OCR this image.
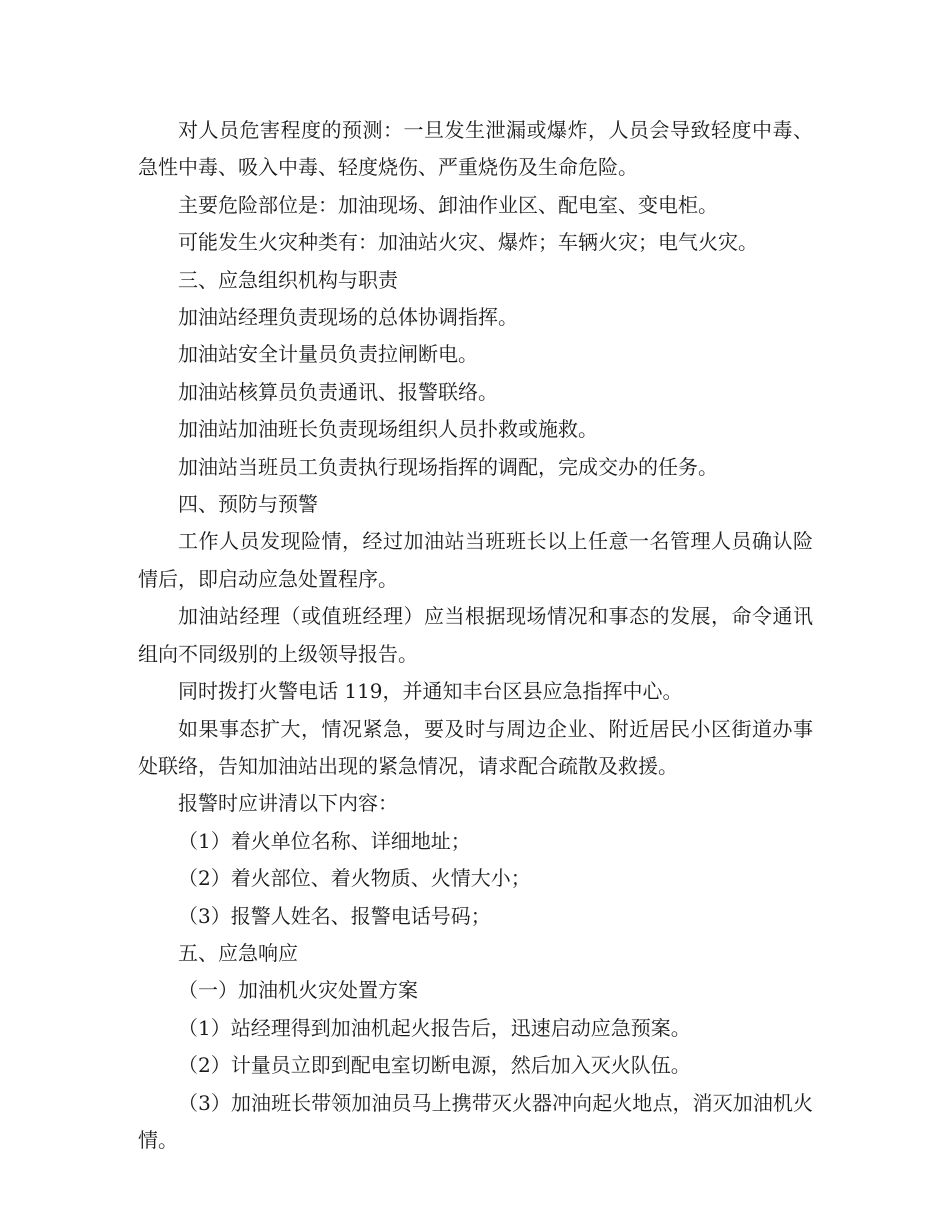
对人员危害程度的预测：一旦发生泄漏或爆炸，人员会导致轻度中毒、急性中毒、吸入中毒、轻度烧伤、严重烧伤及生命危险。

主要危险部位是：加油现场、卸油作业区、配电室、变电柜。

可能发生火灾种类有：加油站火灾、爆炸；车辆火灾；电气火灾。

三、应急组织机构与职责

加油站经理负责现场的总体协调指挥。

加油站安全计量员负责拉闸断电。

加油站核算员负责通讯、报警联络。

加油站加油班长负责现场组织人员扑救或施救。

加油站当班员工负责执行现场指挥的调配，完成交办的任务。

四、预防与预警

工作人员发现险情，经过加油站当班班长以上任意一名管理人员确认险情后，即启动应急处置程序。

加油站经理（或值班经理）应当根据现场情况和事态的发展，命令通讯组向不同级别的上级领导报告。

同时拨打火警电话 119，并通知丰台区县应急指挥中心。

如果事态扩大，情况紧急，要及时与周边企业、附近居民小区街道办事处联络，告知加油站出现的紧急情况，请求配合疏散及救援。

报警时应讲清以下内容：

（1）着火单位名称、详细地址；

（2）着火部位、着火物质、火情大小；

（3）报警人姓名、报警电话号码；

五、应急响应

（一）加油机火灾处置方案

（1）站经理得到加油机起火报告后，迅速启动应急预案。

（2）计量员立即到配电室切断电源，然后加入灭火队伍。

（3）加油班长带领加油员马上携带灭火器冲向起火地点，消灭加油机火情。
